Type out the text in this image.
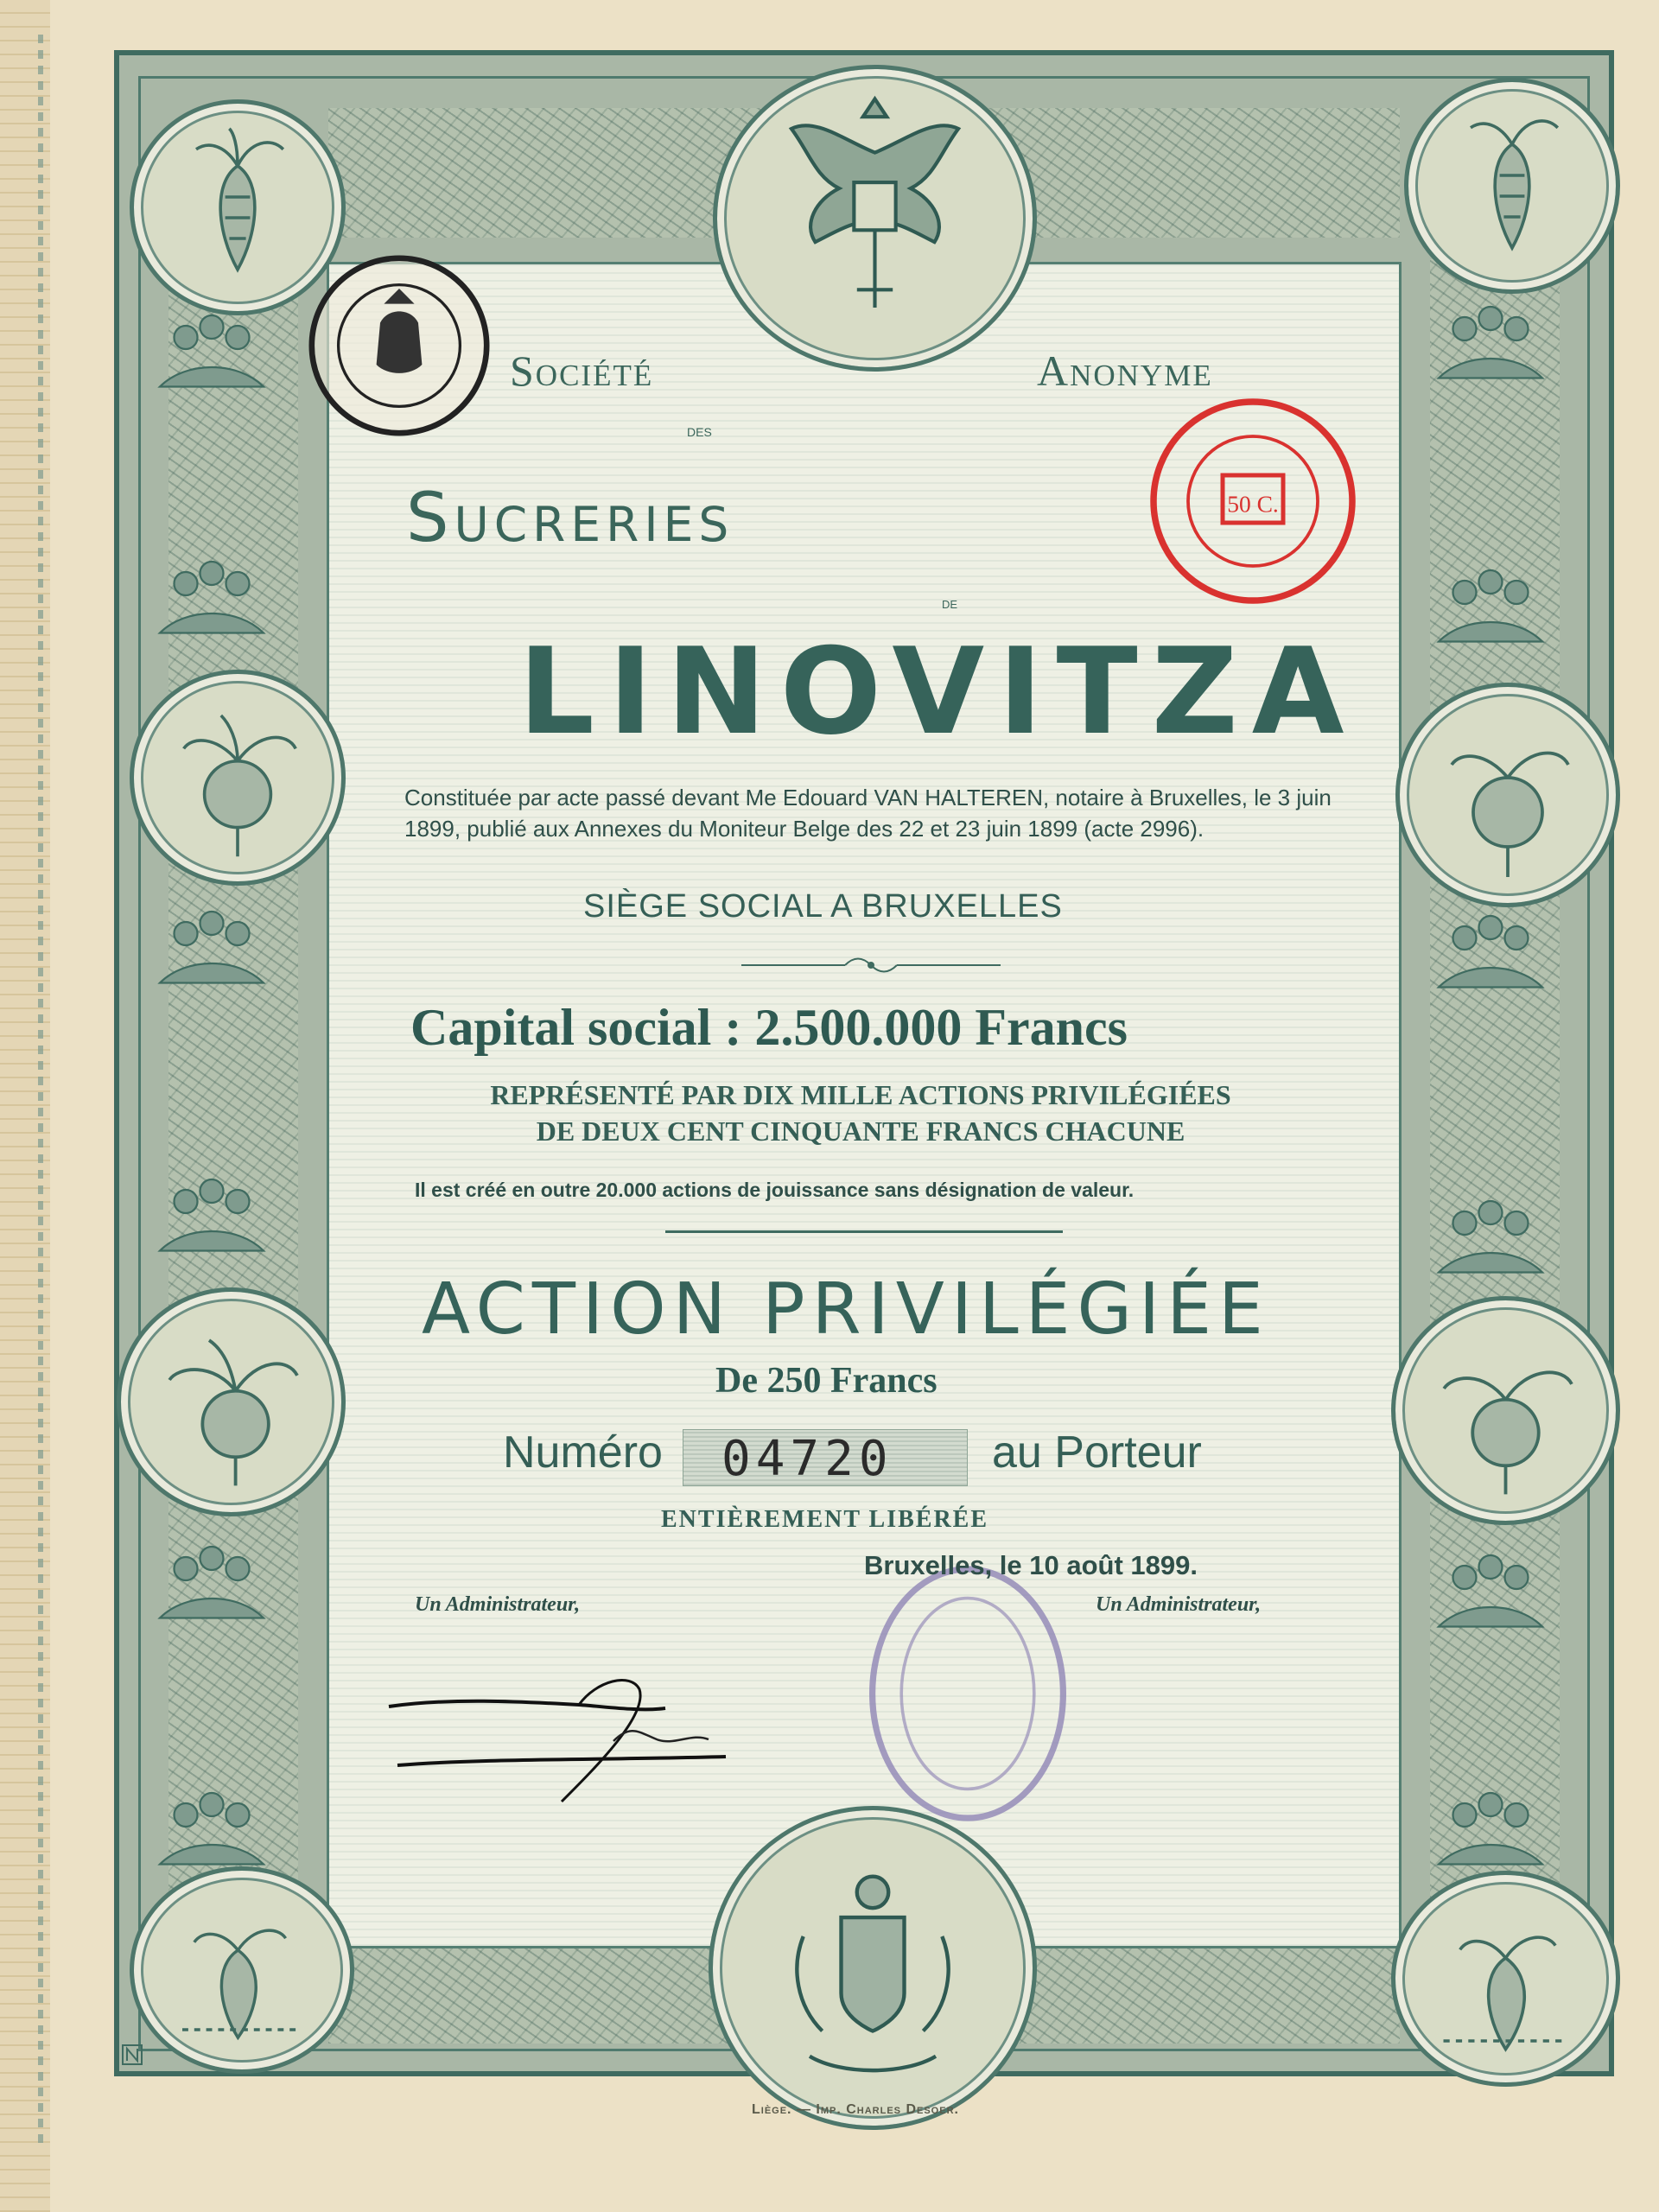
50 C.
Société	Anonyme
des
Sucreries
de
LINOVITZA
Constituée par acte passé devant Me Edouard VAN HALTEREN, notaire à Bruxelles, le 3 juin 1899, publié aux Annexes du Moniteur Belge des 22 et 23 juin 1899 (acte 2996).
SIÈGE SOCIAL A BRUXELLES
Capital social : 2.500.000 Francs
REPRÉSENTÉ PAR DIX MILLE ACTIONS PRIVILÉGIÉES
DE DEUX CENT CINQUANTE FRANCS CHACUNE
Il est créé en outre 20.000 actions de jouissance sans désignation de valeur.
ACTION PRIVILÉGIÉE
De 250 Francs
Numéro 04720 au Porteur
ENTIÈREMENT LIBÉRÉE
Bruxelles, le 10 août 1899.
Un Administrateur,	Un Administrateur,
Liège. — Imp. Charles Desoer.
